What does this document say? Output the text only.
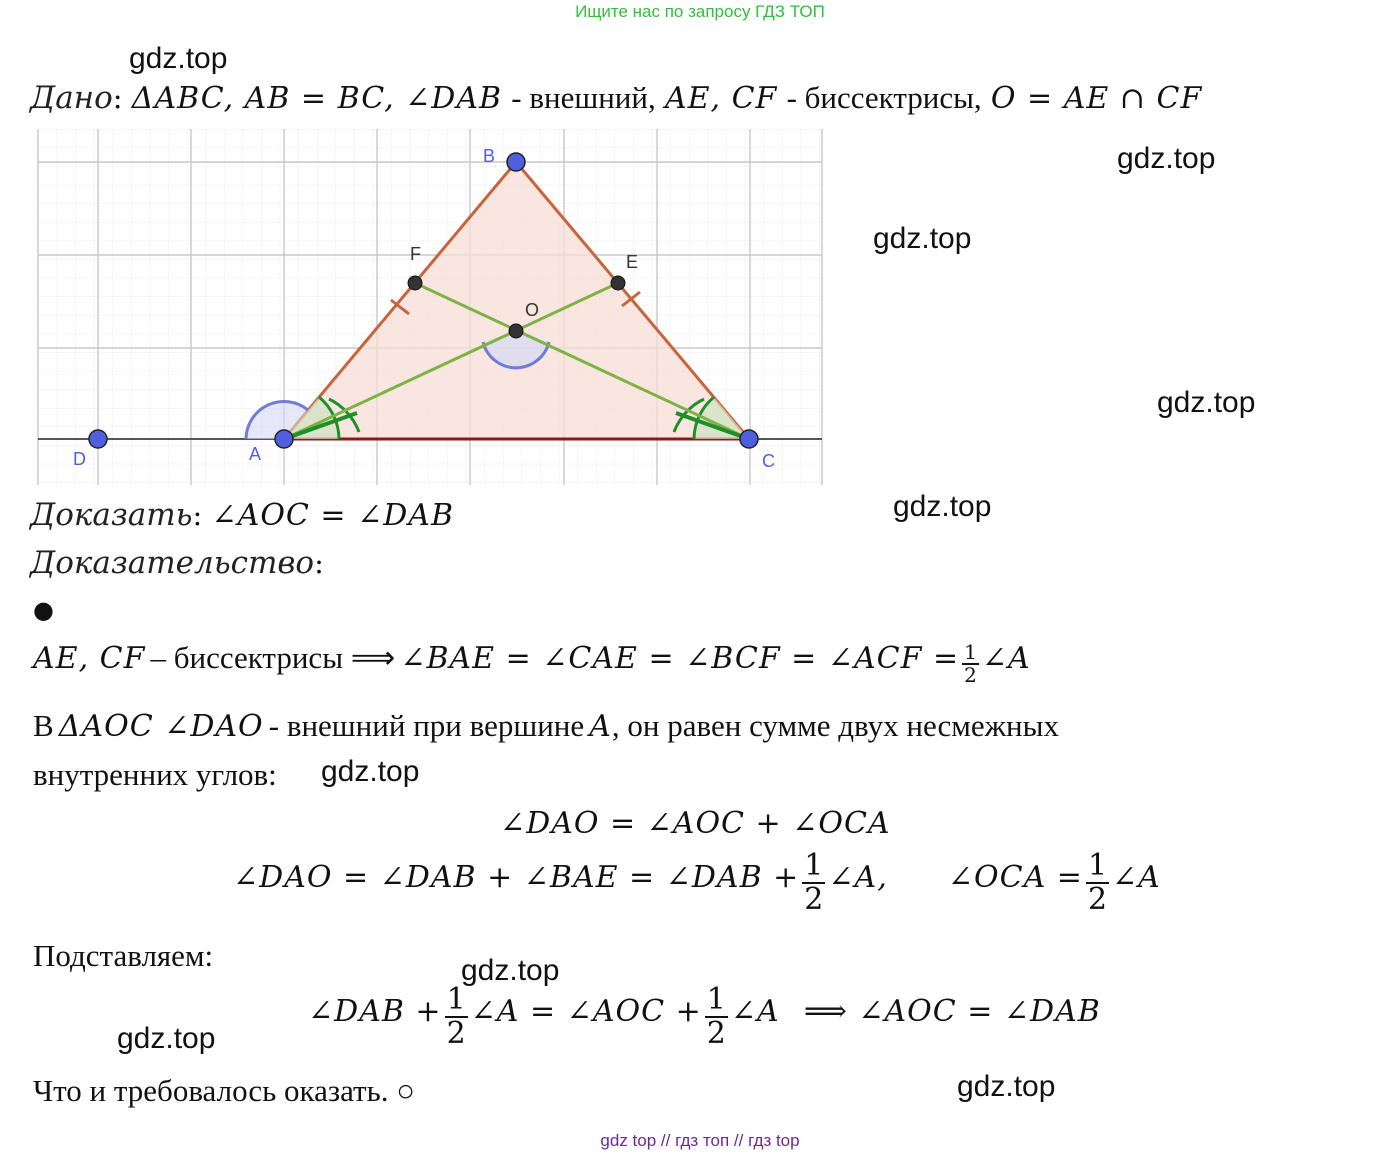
Ищите нас по запросу ГДЗ ТОП
gdz.top
gdz.top
gdz.top
gdz.top
gdz.top
gdz.top
gdz.top
gdz.top
gdz.top
Дано: ΔABC, AB = BC, ∠DAB - внешний, AE, CF - биссектрисы, O = AE ∩ CF
B
A
D	C
F	E
O
Доказать: ∠AOC = ∠DAB
Доказательство:
●
AE, CF – биссектрисы ⟹ ∠BAE = ∠CAE = ∠BCF = ∠ACF = $\frac{1}{2}$ ∠A
В ΔAOC ∠DAO - внешний при вершине A, он равен сумме двух несмежных
внутренних углов:
∠DAO = ∠AOC + ∠OCA
∠DAO = ∠DAB + ∠BAE = ∠DAB + $\frac{1}{2}$ ∠A, ∠OCA = $\frac{1}{2}$ ∠A
Подставляем:
∠DAB + $\frac{1}{2}$ ∠A = ∠AOC + $\frac{1}{2}$ ∠A ⟹ ∠AOC = ∠DAB
Что и требовалось оказать. ○
gdz top // гдз топ // гдз top
